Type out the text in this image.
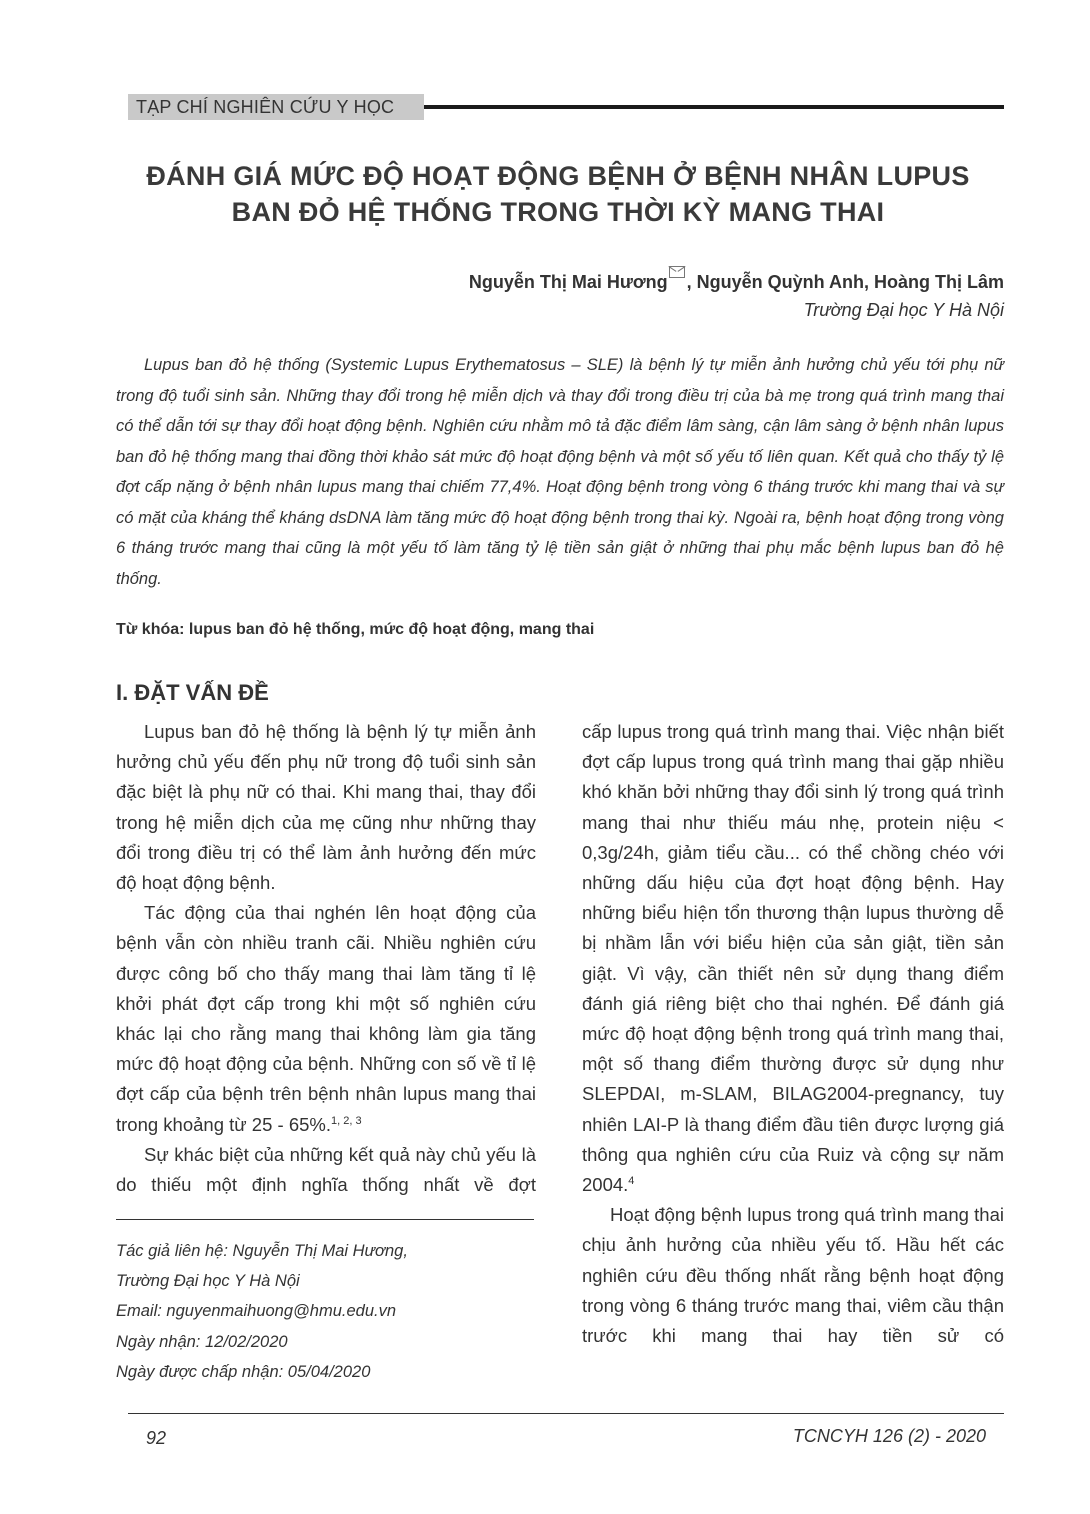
TẠP CHÍ NGHIÊN CỨU Y HỌC
ĐÁNH GIÁ MỨC ĐỘ HOẠT ĐỘNG BỆNH Ở BỆNH NHÂN LUPUS
BAN ĐỎ HỆ THỐNG TRONG THỜI KỲ MANG THAI
Nguyễn Thị Mai Hương , Nguyễn Quỳnh Anh, Hoàng Thị Lâm
Trường Đại học Y Hà Nội

Lupus ban đỏ hệ thống (Systemic Lupus Erythematosus – SLE) là bệnh lý tự miễn ảnh hưởng chủ yếu tới phụ nữ trong độ tuổi sinh sản. Những thay đổi trong hệ miễn dịch và thay đổi trong điều trị của bà mẹ trong quá trình mang thai có thể dẫn tới sự thay đổi hoạt động bệnh. Nghiên cứu nhằm mô tả đặc điểm lâm sàng, cận lâm sàng ở bệnh nhân lupus ban đỏ hệ thống mang thai đồng thời khảo sát mức độ hoạt động bệnh và một số yếu tố liên quan. Kết quả cho thấy tỷ lệ đợt cấp nặng ở bệnh nhân lupus mang thai chiếm 77,4%. Hoạt động bệnh trong vòng 6 tháng trước khi mang thai và sự có mặt của kháng thể kháng dsDNA làm tăng mức độ hoạt động bệnh trong thai kỳ. Ngoài ra, bệnh hoạt động trong vòng 6 tháng trước mang thai cũng là một yếu tố làm tăng tỷ lệ tiền sản giật ở những thai phụ mắc bệnh lupus ban đỏ hệ thống.

Từ khóa: lupus ban đỏ hệ thống, mức độ hoạt động, mang thai
I. ĐẶT VẤN ĐỀ

Lupus ban đỏ hệ thống là bệnh lý tự miễn ảnh hưởng chủ yếu đến phụ nữ trong độ tuổi sinh sản đặc biệt là phụ nữ có thai. Khi mang thai, thay đổi trong hệ miễn dịch của mẹ cũng như những thay đổi trong điều trị có thể làm ảnh hưởng đến mức độ hoạt động bệnh.

Tác động của thai nghén lên hoạt động của bệnh vẫn còn nhiều tranh cãi. Nhiều nghiên cứu được công bố cho thấy mang thai làm tăng tỉ lệ khởi phát đợt cấp trong khi một số nghiên cứu khác lại cho rằng mang thai không làm gia tăng mức độ hoạt động của bệnh. Những con số về tỉ lệ đợt cấp của bệnh trên bệnh nhân lupus mang thai trong khoảng từ 25 - 65%.$^{1, 2, 3}$

Sự khác biệt của những kết quả này chủ yếu là do thiếu một định nghĩa thống nhất về đợt

cấp lupus trong quá trình mang thai. Việc nhận biết đợt cấp lupus trong quá trình mang thai gặp nhiều khó khăn bởi những thay đổi sinh lý trong quá trình mang thai như thiếu máu nhẹ, protein niệu < 0,3g/24h, giảm tiểu cầu... có thể chồng chéo với những dấu hiệu của đợt hoạt động bệnh. Hay những biểu hiện tổn thương thận lupus thường dễ bị nhầm lẫn với biểu hiện của sản giật, tiền sản giật. Vì vậy, cần thiết nên sử dụng thang điểm đánh giá riêng biệt cho thai nghén. Để đánh giá mức độ hoạt động bệnh trong quá trình mang thai, một số thang điểm thường được sử dụng như SLEPDAI, m-SLAM, BILAG2004-pregnancy, tuy nhiên LAI-P là thang điểm đầu tiên được lượng giá thông qua nghiên cứu của Ruiz và cộng sự năm 2004.$^4$

Hoạt động bệnh lupus trong quá trình mang thai chịu ảnh hưởng của nhiều yếu tố. Hầu hết các nghiên cứu đều thống nhất rằng bệnh hoạt động trong vòng 6 tháng trước mang thai, viêm cầu thận trước khi mang thai hay tiền sử có

Tác giả liên hệ: Nguyễn Thị Mai Hương,
Trường Đại học Y Hà Nội
Email: nguyenmaihuong@hmu.edu.vn
Ngày nhận: 12/02/2020
Ngày được chấp nhận: 05/04/2020
92	TCNCYH 126 (2) - 2020
